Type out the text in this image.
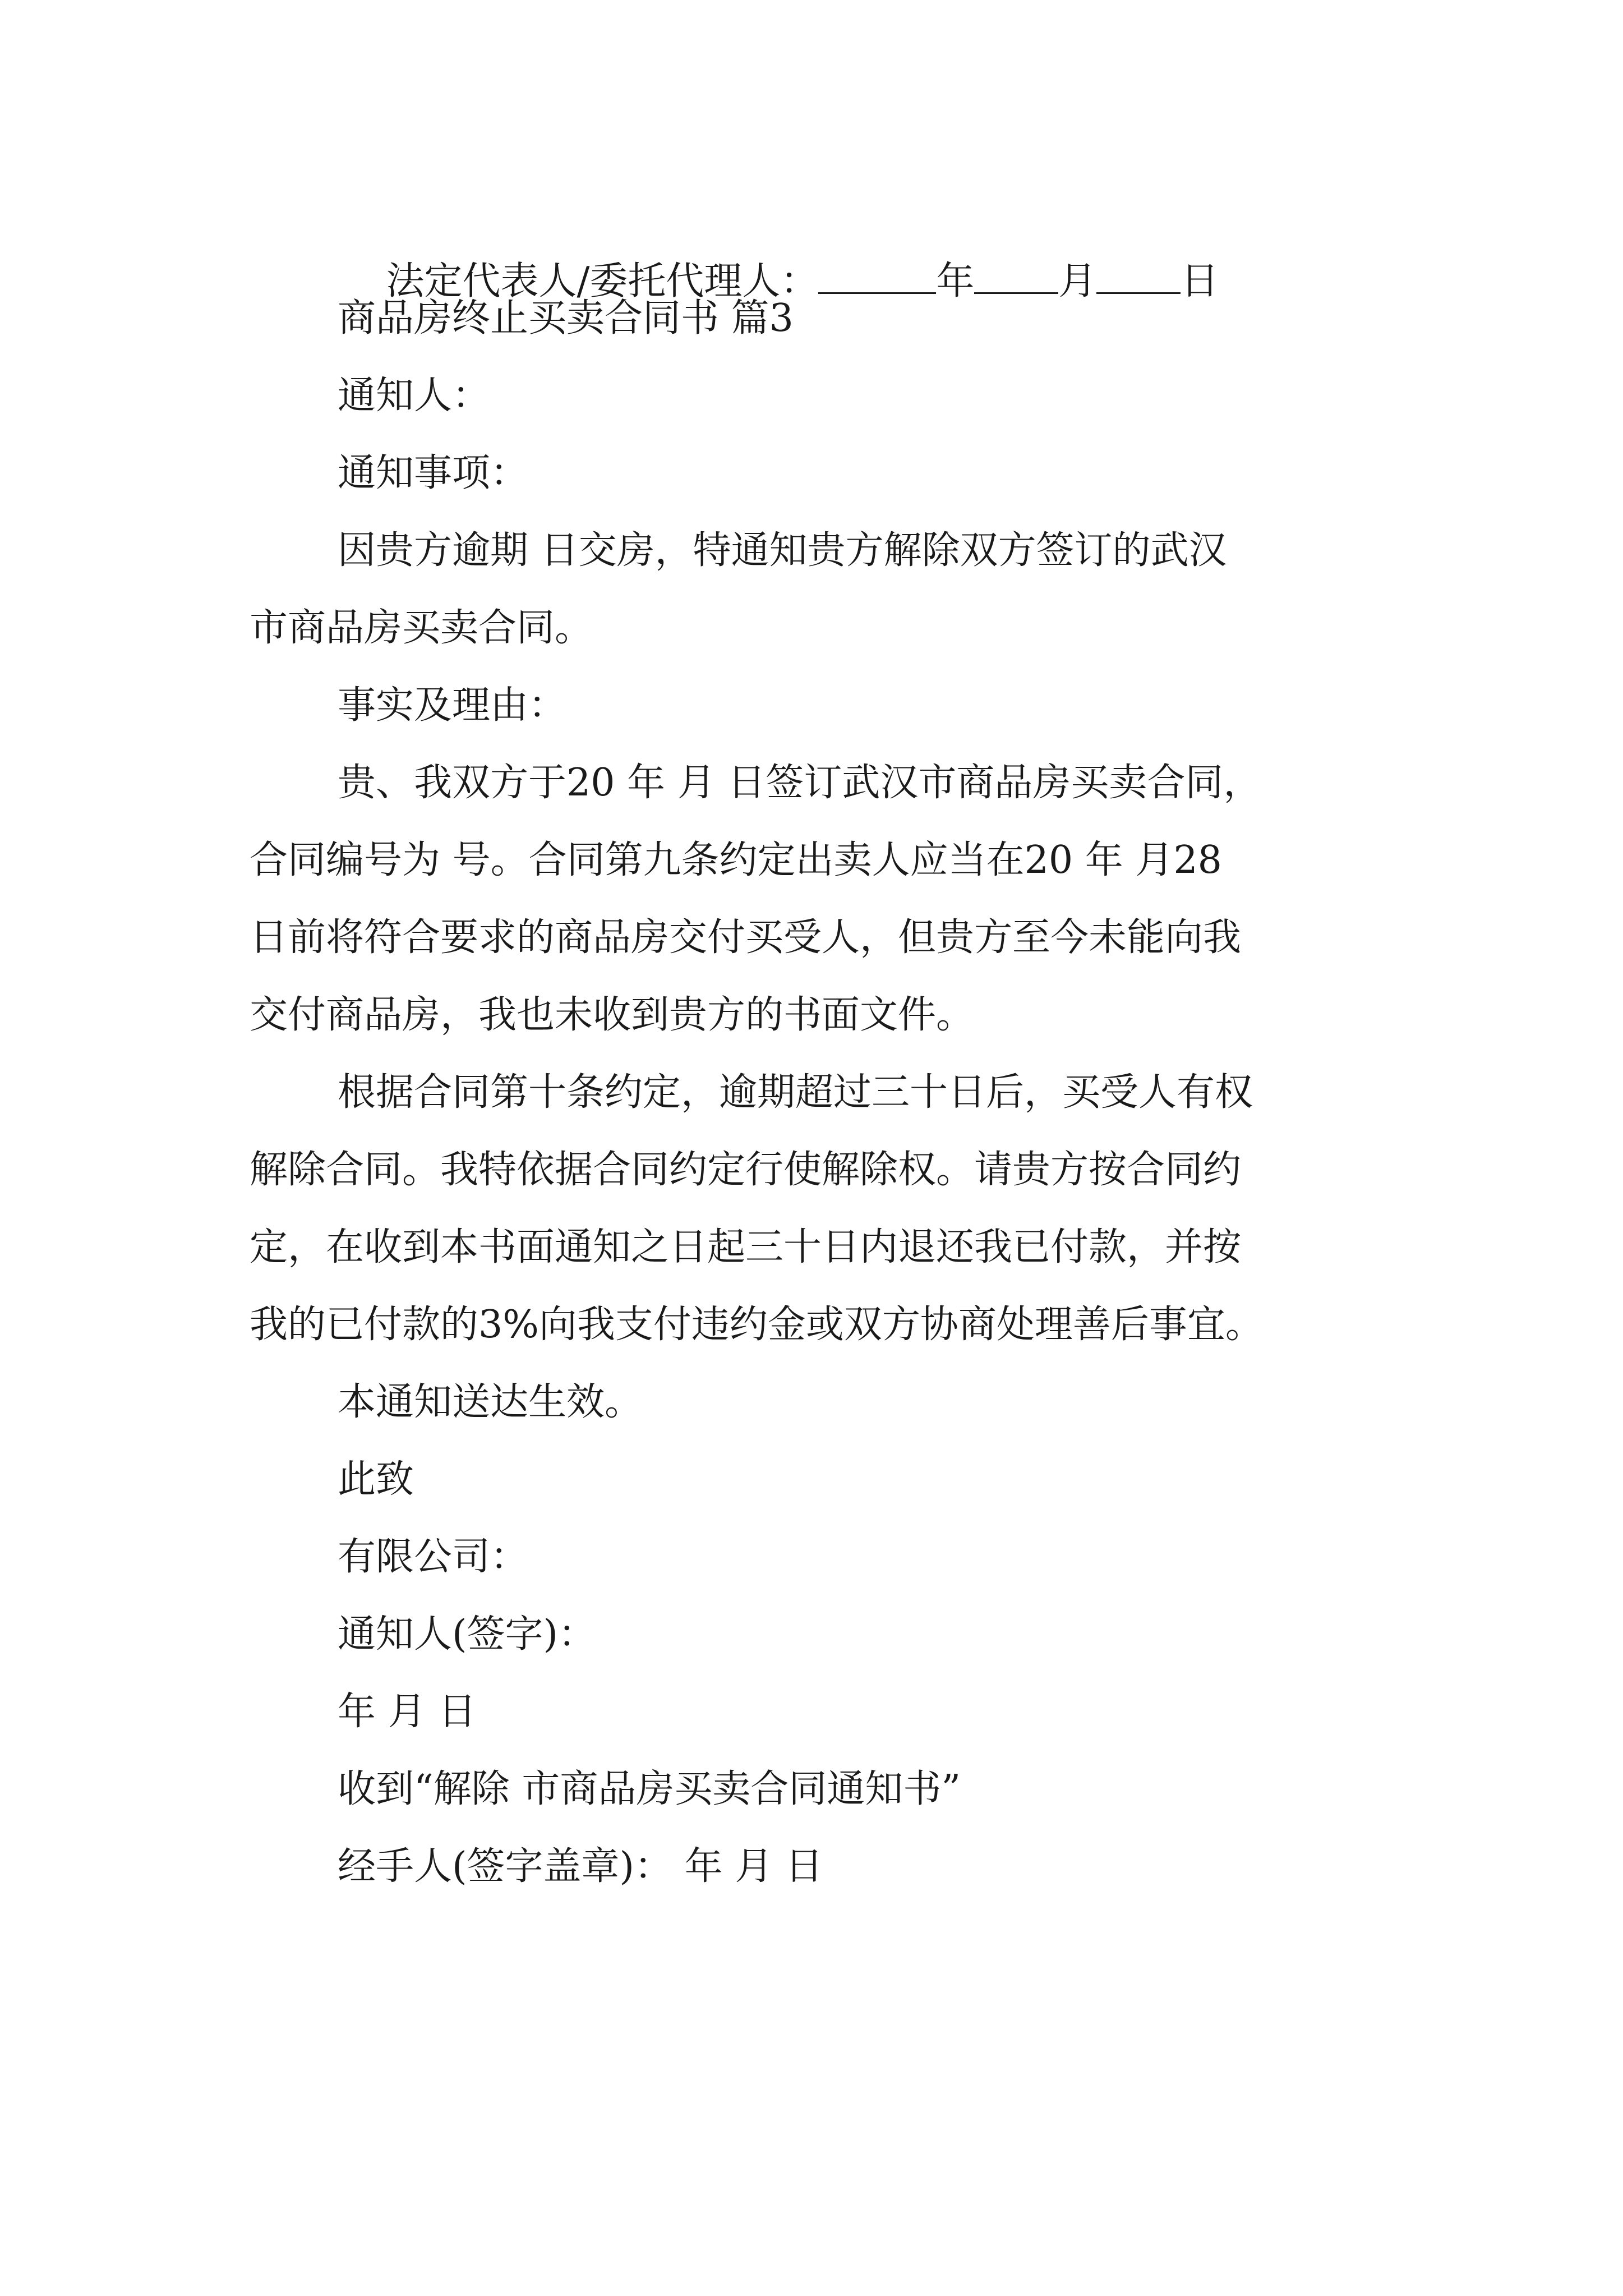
法定代表人/委托代理人：	年 月 日

商品房终止买卖合同书 篇3
通知人：
通知事项：
因贵方逾期 日交房，特通知贵方解除双方签订的武汉
市商品房买卖合同。
事实及理由：
贵、我双方于20 年 月 日签订武汉市商品房买卖合同，
合同编号为 号。合同第九条约定出卖人应当在20 年 月28
日前将符合要求的商品房交付买受人，但贵方至今未能向我
交付商品房，我也未收到贵方的书面文件。
根据合同第十条约定，逾期超过三十日后，买受人有权
解除合同。我特依据合同约定行使解除权。请贵方按合同约
定，在收到本书面通知之日起三十日内退还我已付款，并按
我的已付款的3%向我支付违约金或双方协商处理善后事宜。
本通知送达生效。
此致
有限公司：
通知人(签字)：
年 月 日
收到“解除 市商品房买卖合同通知书”
经手人(签字盖章)： 年 月 日
